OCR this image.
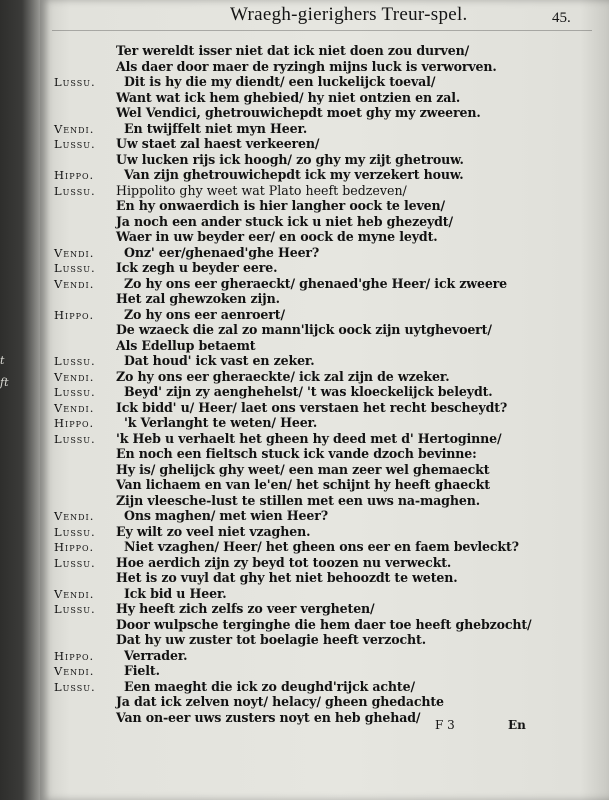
t
ft
Wraegh-gierighers Treur-spel.	45.
Ter wereldt isser niet dat ick niet doen zou durven/
Als daer door maer de ryzingh mijns luck is verworven.
Lussu. Dit is hy die my diendt/ een luckelijck toeval/
Want wat ick hem ghebied/ hy niet ontzien en zal.
Wel Vendici, ghetrouwichepdt moet ghy my zweeren.
Vendi. En twijffelt niet myn Heer.
Lussu. Uw staet zal haest verkeeren/
Uw lucken rijs ick hoogh/ zo ghy my zijt ghetrouw.
Hippo. Van zijn ghetrouwichepdt ick my verzekert houw.
Lussu. Hippolito ghy weet wat Plato heeft bedzeven/
En hy onwaerdich is hier langher oock te leven/
Ja noch een ander stuck ick u niet heb ghezeydt/
Waer in uw beyder eer/ en oock de myne leydt.
Vendi. Onz' eer/ghenaed'ghe Heer?
Lussu. Ick zegh u beyder eere.
Vendi. Zo hy ons eer gheraeckt/ ghenaed'ghe Heer/ ick zweere
Het zal ghewzoken zijn.
Hippo. Zo hy ons eer aenroert/
De wzaeck die zal zo mann'lijck oock zijn uytghevoert/
Als Edellup betaemt
Lussu. Dat houd' ick vast en zeker.
Vendi. Zo hy ons eer gheraeckte/ ick zal zijn de wzeker.
Lussu. Beyd' zijn zy aenghehelst/ 't was kloeckelijck beleydt.
Vendi. Ick bidd' u/ Heer/ laet ons verstaen het recht bescheydt?
Hippo. 'k Verlanght te weten/ Heer.
Lussu. 'k Heb u verhaelt het gheen hy deed met d' Hertoginne/
En noch een fieltsch stuck ick vande dzoch bevinne:
Hy is/ ghelijck ghy weet/ een man zeer wel ghemaeckt
Van lichaem en van le'en/ het schijnt hy heeft ghaeckt
Zijn vleesche-lust te stillen met een uws na-maghen.
Vendi. Ons maghen/ met wien Heer?
Lussu. Ey wilt zo veel niet vzaghen.
Hippo. Niet vzaghen/ Heer/ het gheen ons eer en faem bevleckt?
Lussu. Hoe aerdich zijn zy beyd tot toozen nu verweckt.
Het is zo vuyl dat ghy het niet behoozdt te weten.
Vendi. Ick bid u Heer.
Lussu. Hy heeft zich zelfs zo veer vergheten/
Door wulpsche terginghe die hem daer toe heeft ghebzocht/
Dat hy uw zuster tot boelagie heeft verzocht.
Hippo. Verrader.
Vendi. Fielt.
Lussu. Een maeght die ick zo deughd'rijck achte/
Ja dat ick zelven noyt/ helacy/ gheen ghedachte
Van on-eer uws zusters noyt en heb ghehad/
F 3	En
